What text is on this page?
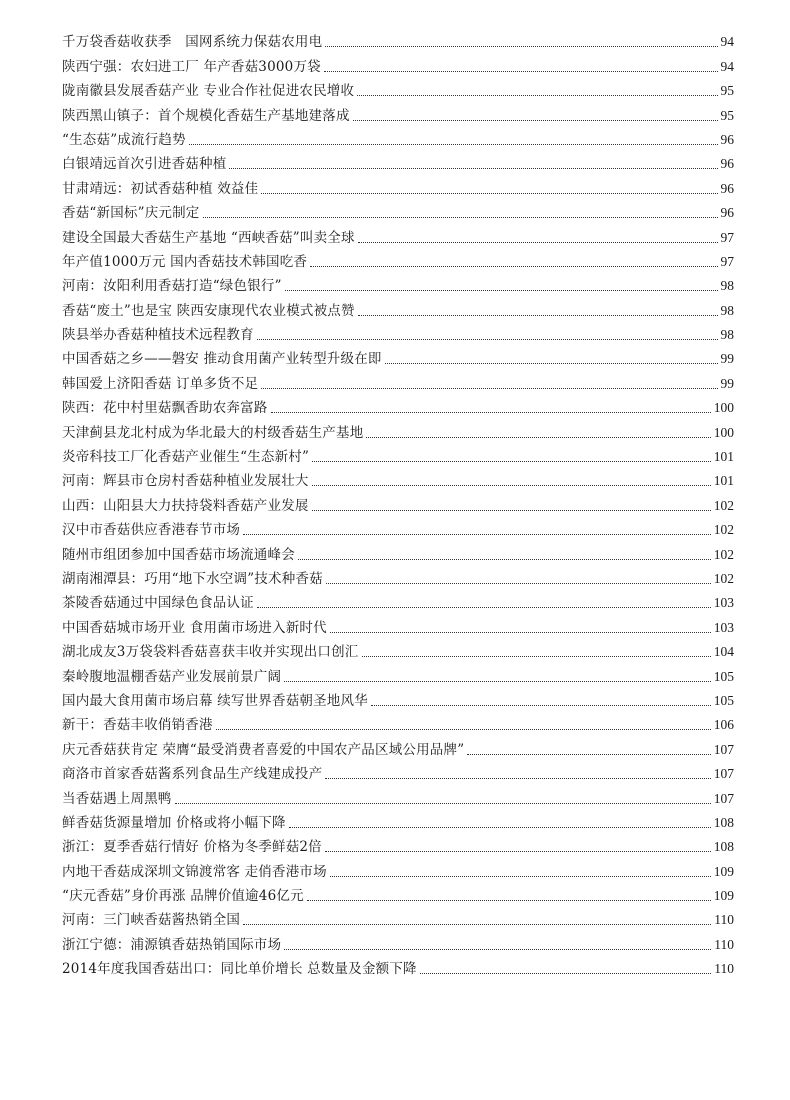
千万袋香菇收获季　国网系统力保菇农用电	94
陕西宁强：农妇进工厂 年产香菇3000万袋	94
陇南徽县发展香菇产业 专业合作社促进农民增收	95
陕西黑山镇子：首个规模化香菇生产基地建落成	95
“生态菇”成流行趋势	96
白银靖远首次引进香菇种植	96
甘肃靖远：初试香菇种植 效益佳	96
香菇“新国标”庆元制定	96
建设全国最大香菇生产基地 “西峡香菇”叫卖全球	97
年产值1000万元 国内香菇技术韩国吃香	97
河南：汝阳利用香菇打造“绿色银行”	98
香菇“废土”也是宝 陕西安康现代农业模式被点赞	98
陕县举办香菇种植技术远程教育	98
中国香菇之乡——磐安 推动食用菌产业转型升级在即	99
韩国爱上济阳香菇 订单多货不足	99
陕西：花中村里菇飘香助农奔富路	100
天津蓟县龙北村成为华北最大的村级香菇生产基地	100
炎帝科技工厂化香菇产业催生“生态新村”	101
河南：辉县市仓房村香菇种植业发展壮大	101
山西：山阳县大力扶持袋料香菇产业发展	102
汉中市香菇供应香港春节市场	102
随州市组团参加中国香菇市场流通峰会	102
湖南湘潭县：巧用“地下水空调”技术种香菇	102
茶陵香菇通过中国绿色食品认证	103
中国香菇城市场开业 食用菌市场进入新时代	103
湖北成友3万袋袋料香菇喜获丰收并实现出口创汇	104
秦岭腹地温棚香菇产业发展前景广阔	105
国内最大食用菌市场启幕 续写世界香菇朝圣地风华	105
新干：香菇丰收俏销香港	106
庆元香菇获肯定 荣膺“最受消费者喜爱的中国农产品区域公用品牌”	107
商洛市首家香菇酱系列食品生产线建成投产	107
当香菇遇上周黑鸭	107
鲜香菇货源量增加 价格或将小幅下降	108
浙江：夏季香菇行情好 价格为冬季鲜菇2倍	108
内地干香菇成深圳文锦渡常客 走俏香港市场	109
“庆元香菇”身价再涨 品牌价值逾46亿元	109
河南：三门峡香菇酱热销全国	110
浙江宁德：浦源镇香菇热销国际市场	110
2014年度我国香菇出口：同比单价增长 总数量及金额下降	110
